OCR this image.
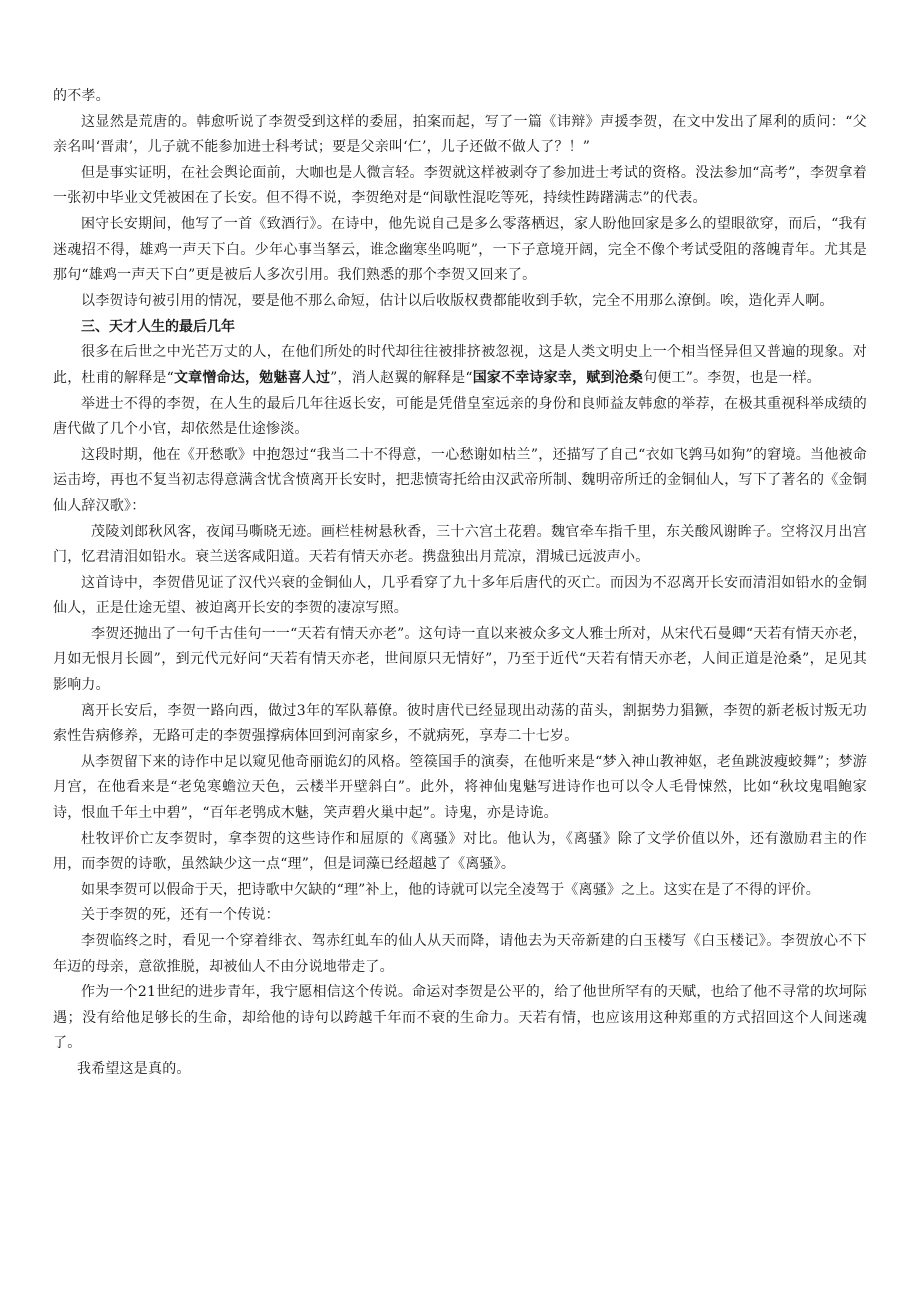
的不孝。

这显然是荒唐的。韩愈听说了李贺受到这样的委屈，拍案而起，写了一篇《讳辩》声援李贺，在文中发出了犀利的质问：“父亲名叫‘晋肃’，儿子就不能参加进士科考试；要是父亲叫‘仁’，儿子还做不做人了？！”

但是事实证明，在社会舆论面前，大咖也是人微言轻。李贺就这样被剥夺了参加进士考试的资格。没法参加“高考”，李贺拿着一张初中毕业文凭被困在了长安。但不得不说，李贺绝对是“间歇性混吃等死，持续性踌躇满志”的代表。

困守长安期间，他写了一首《致酒行》。在诗中，他先说自己是多么零落栖迟，家人盼他回家是多么的望眼欲穿，而后，“我有迷魂招不得，雄鸡一声天下白。少年心事当拏云，谁念幽寒坐呜呃”，一下子意境开阔，完全不像个考试受阻的落魄青年。尤其是那句“雄鸡一声天下白”更是被后人多次引用。我们熟悉的那个李贺又回来了。

以李贺诗句被引用的情况，要是他不那么命短，估计以后收版权费都能收到手软，完全不用那么潦倒。唉，造化弄人啊。

三、天才人生的最后几年

很多在后世之中光芒万丈的人，在他们所处的时代却往往被排挤被忽视，这是人类文明史上一个相当怪异但又普遍的现象。对此，杜甫的解释是“文章憎命达，勉魅喜人过”，消人赵翼的解释是“国家不幸诗家幸，赋到沧桑句便工”。李贺，也是一样。

举进士不得的李贺，在人生的最后几年往返长安，可能是凭借皇室远亲的身份和良师益友韩愈的举荐，在极其重视科举成绩的唐代做了几个小官，却依然是仕途惨淡。

这段时期，他在《开愁歌》中抱怨过“我当二十不得意，一心愁谢如枯兰”，还描写了自己“衣如飞鹑马如狗”的窘境。当他被命运击垮，再也不复当初志得意满含忧含愤离开长安时，把悲愤寄托给由汉武帝所制、魏明帝所迁的金铜仙人，写下了著名的《金铜仙人辞汉歌》：

茂陵刘郎秋风客，夜闻马嘶晓无迹。画栏桂树悬秋香，三十六宫土花碧。魏官牵车指千里，东关酸风谢眸子。空将汉月出宫门，忆君清泪如铅水。衰兰送客咸阳道。天若有情天亦老。携盘独出月荒凉，渭城已远波声小。

这首诗中，李贺借见证了汉代兴衰的金铜仙人，几乎看穿了九十多年后唐代的灭亡。而因为不忍离开长安而清泪如铅水的金铜仙人，正是仕途无望、被迫离开长安的李贺的凄凉写照。

李贺还抛出了一句千古佳句一一“天若有情天亦老”。这句诗一直以来被众多文人雅士所对，从宋代石曼卿“天若有情天亦老，月如无恨月长圆”，到元代元好问“天若有情天亦老，世间原只无情好”，乃至于近代“天若有情天亦老，人间正道是沧桑”，足见其影响力。

离开长安后，李贺一路向西，做过3年的军队幕僚。彼时唐代已经显现出动荡的苗头，割据势力猖獗，李贺的新老板讨叛无功索性告病修养，无路可走的李贺强撑病体回到河南家乡，不就病死，享寿二十七岁。

从李贺留下来的诗作中足以窥见他奇丽诡幻的风格。箜篌国手的演奏，在他听来是“梦入神山教神妪，老鱼跳波瘦蛟舞”；梦游月宫，在他看来是“老兔寒蟾泣天色，云楼半开壁斜白”。此外，将神仙鬼魅写进诗作也可以令人毛骨悚然，比如“秋坟鬼唱鲍家诗，恨血千年土中碧”，“百年老鸮成木魅，笑声碧火巢中起”。诗鬼，亦是诗诡。

杜牧评价亡友李贺时，拿李贺的这些诗作和屈原的《离骚》对比。他认为，《离骚》除了文学价值以外，还有激励君主的作用，而李贺的诗歌，虽然缺少这一点“理”，但是词藻已经超越了《离骚》。

如果李贺可以假命于天，把诗歌中欠缺的“理”补上，他的诗就可以完全凌驾于《离骚》之上。这实在是了不得的评价。

关于李贺的死，还有一个传说：

李贺临终之时，看见一个穿着绯衣、驾赤红虬车的仙人从天而降，请他去为天帝新建的白玉楼写《白玉楼记》。李贺放心不下年迈的母亲，意欲推脱，却被仙人不由分说地带走了。

作为一个21世纪的进步青年，我宁愿相信这个传说。命运对李贺是公平的，给了他世所罕有的天赋，也给了他不寻常的坎坷际遇；没有给他足够长的生命，却给他的诗句以跨越千年而不衰的生命力。天若有情，也应该用这种郑重的方式招回这个人间迷魂了。

我希望这是真的。
